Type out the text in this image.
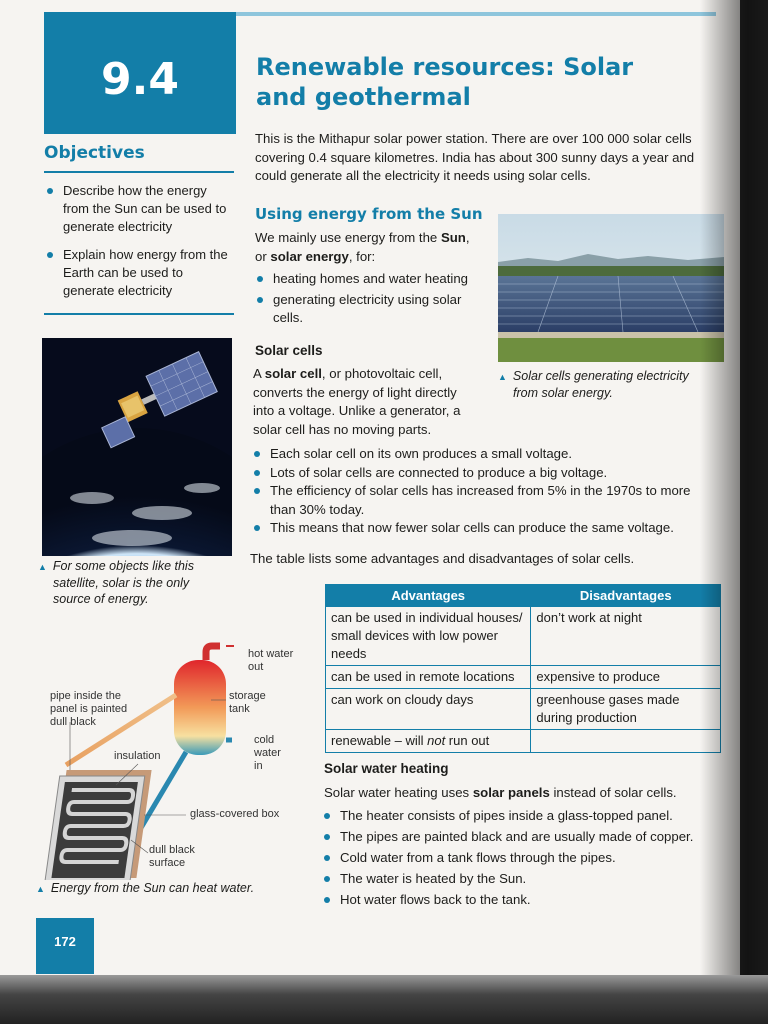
9.4	Renewable resources: Solar
and geothermal
Objectives
Describe how the energy from the Sun can be used to generate electricity
Explain how energy from the Earth can be used to generate electricity
This is the Mithapur solar power station. There are over 100 000 solar cells
covering 0.4 square kilometres. India has about 300 sunny days a year and
could generate all the electricity it needs using solar cells.
Using energy from the Sun
We mainly use energy from the Sun,
or solar energy, for:
heating homes and water heating
generating electricity using solar cells.
▲ Solar cells generating electricity
from solar energy.
Solar cells
A solar cell, or photovoltaic cell,
converts the energy of light directly
into a voltage. Unlike a generator, a
solar cell has no moving parts.
Each solar cell on its own produces a small voltage.
Lots of solar cells are connected to produce a big voltage.
The efficiency of solar cells has increased from 5% in the 1970s to more than 30% today.
This means that now fewer solar cells can produce the same voltage.
The table lists some advantages and disadvantages of solar cells.
▲ For some objects like this
satellite, solar is the only
source of energy.	Advantages	Disadvantages
can be used in individual houses/ small devices with low power needs	don’t work at night
can be used in remote locations	expensive to produce
can work on cloudy days	greenhouse gases made during production
renewable – will not run out	
Solar water heating
Solar water heating uses solar panels instead of solar cells.
The heater consists of pipes inside a glass-topped panel.
The pipes are painted black and are usually made of copper.
Cold water from a tank flows through the pipes.
The water is heated by the Sun.
Hot water flows back to the tank.
hot water
out
storage
tank
cold
water
in
pipe inside the
panel is painted
dull black
insulation
glass-covered box
dull black
surface
▲ Energy from the Sun can heat water.
172
